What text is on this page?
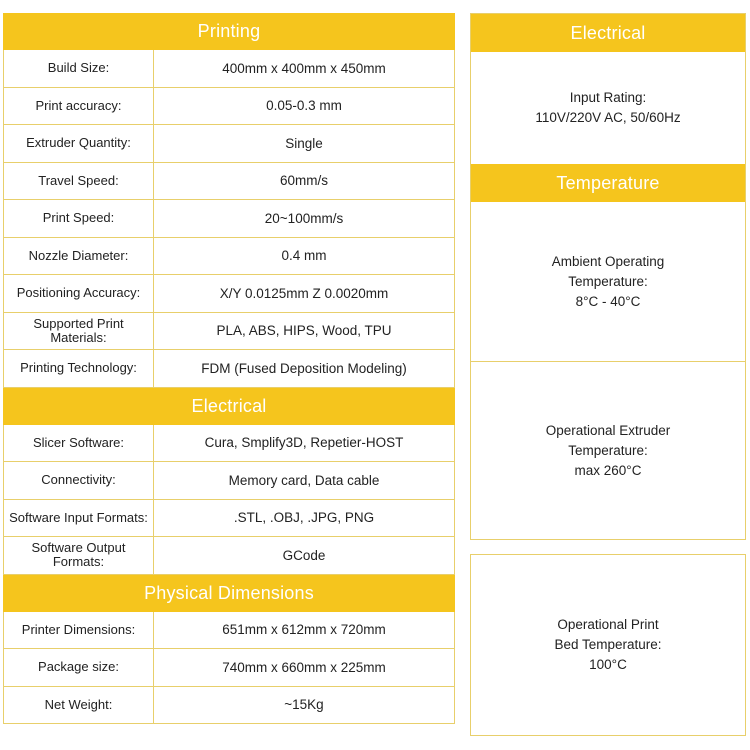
Printing
Build Size:	400mm x 400mm x 450mm
Print accuracy:	0.05-0.3 mm
Extruder Quantity:	Single
Travel Speed:	60mm/s
Print Speed:	20~100mm/s
Nozzle Diameter:	0.4 mm
Positioning Accuracy:	X/Y 0.0125mm Z 0.0020mm
Supported Print Materials:	PLA, ABS, HIPS, Wood, TPU
Printing Technology:	FDM (Fused Deposition Modeling)
Electrical
Slicer Software:	Cura, Smplify3D, Repetier-HOST
Connectivity:	Memory card, Data cable
Software Input Formats:	.STL, .OBJ, .JPG, PNG
Software Output Formats:	GCode
Physical Dimensions
Printer Dimensions:	651mm x 612mm x 720mm
Package size:	740mm x 660mm x 225mm
Net Weight:	~15Kg
Electrical
Input Rating:
110V/220V AC, 50/60Hz
Temperature
Ambient Operating
Temperature:
8°C - 40°C
Operational Extruder
Temperature:
max 260°C
Operational Print
Bed Temperature:
100°C
